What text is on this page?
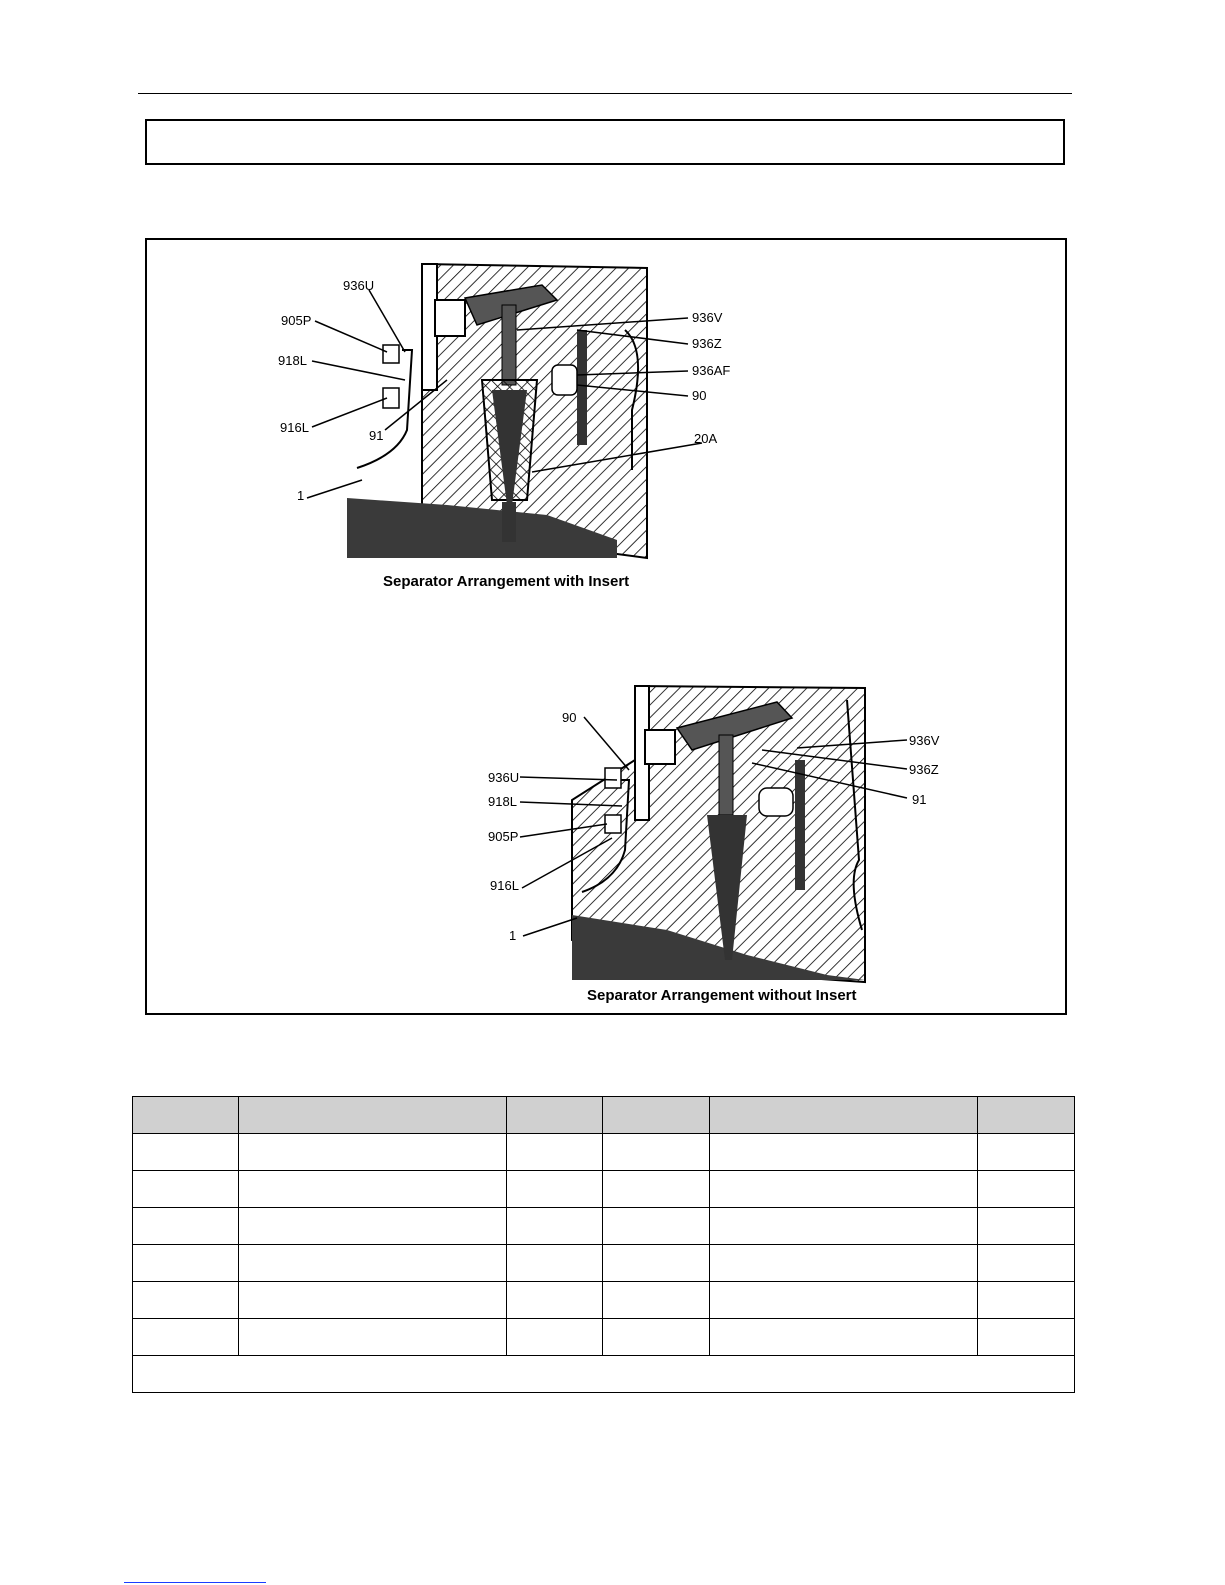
936U
905P
918L
916L
91
1
936V
936Z
936AF
90
20A
Separator Arrangement with Insert
90
936U
918L
905P
916L
1
936V
936Z
91
Separator Arrangement without Insert
